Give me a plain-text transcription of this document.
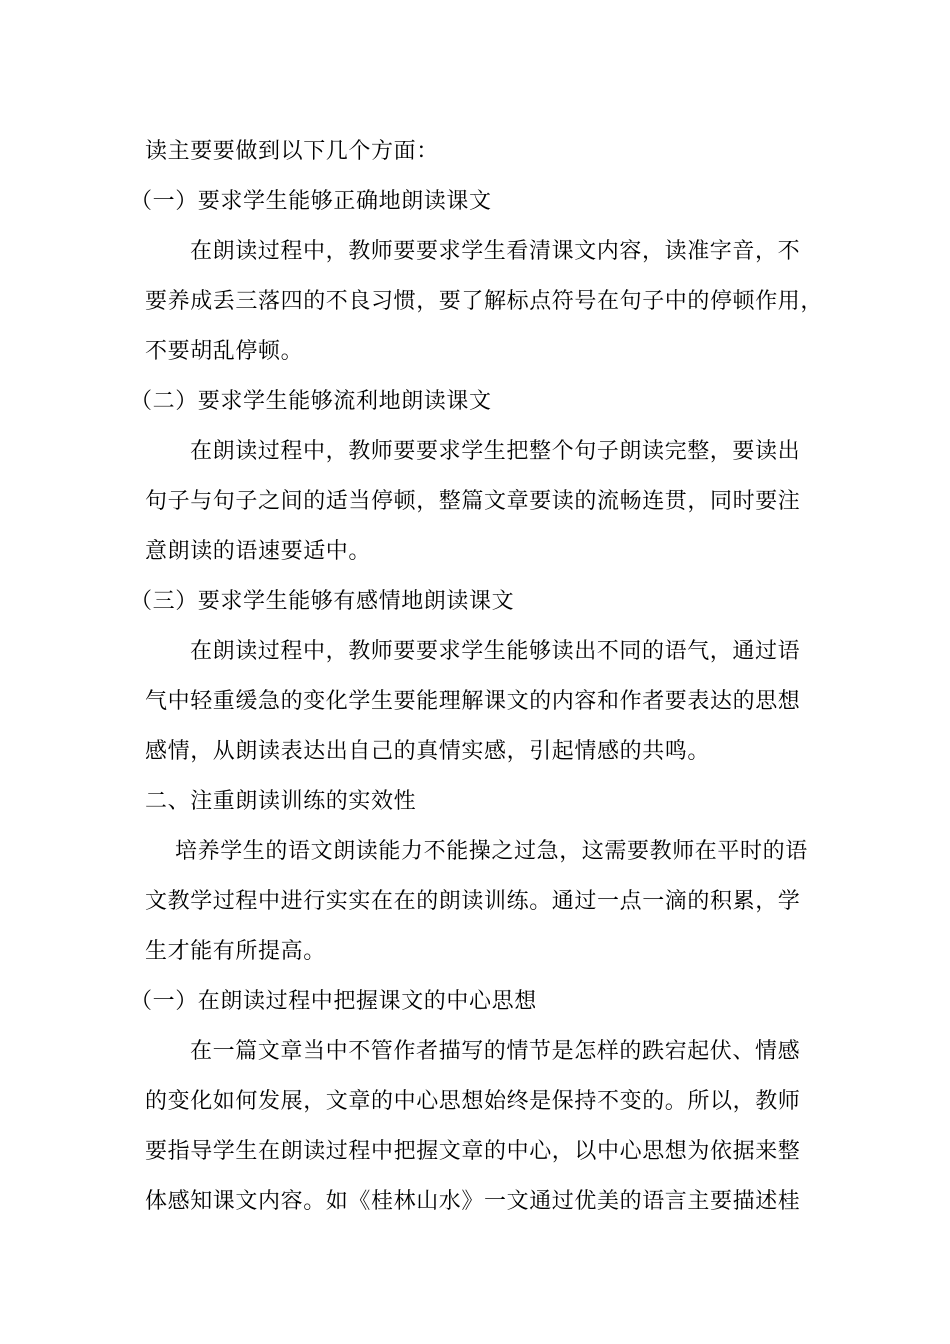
读主要要做到以下几个方面：
（一）要求学生能够正确地朗读课文
在朗读过程中，教师要要求学生看清课文内容，读准字音，不
要养成丢三落四的不良习惯，要了解标点符号在句子中的停顿作用，
不要胡乱停顿。
（二）要求学生能够流利地朗读课文
在朗读过程中，教师要要求学生把整个句子朗读完整，要读出
句子与句子之间的适当停顿，整篇文章要读的流畅连贯，同时要注
意朗读的语速要适中。
（三）要求学生能够有感情地朗读课文
在朗读过程中，教师要要求学生能够读出不同的语气，通过语
气中轻重缓急的变化学生要能理解课文的内容和作者要表达的思想
感情，从朗读表达出自己的真情实感，引起情感的共鸣。
二、注重朗读训练的实效性
培养学生的语文朗读能力不能操之过急，这需要教师在平时的语
文教学过程中进行实实在在的朗读训练。通过一点一滴的积累，学
生才能有所提高。
（一）在朗读过程中把握课文的中心思想
在一篇文章当中不管作者描写的情节是怎样的跌宕起伏、情感
的变化如何发展，文章的中心思想始终是保持不变的。所以，教师
要指导学生在朗读过程中把握文章的中心，以中心思想为依据来整
体感知课文内容。如《桂林山水》一文通过优美的语言主要描述桂
